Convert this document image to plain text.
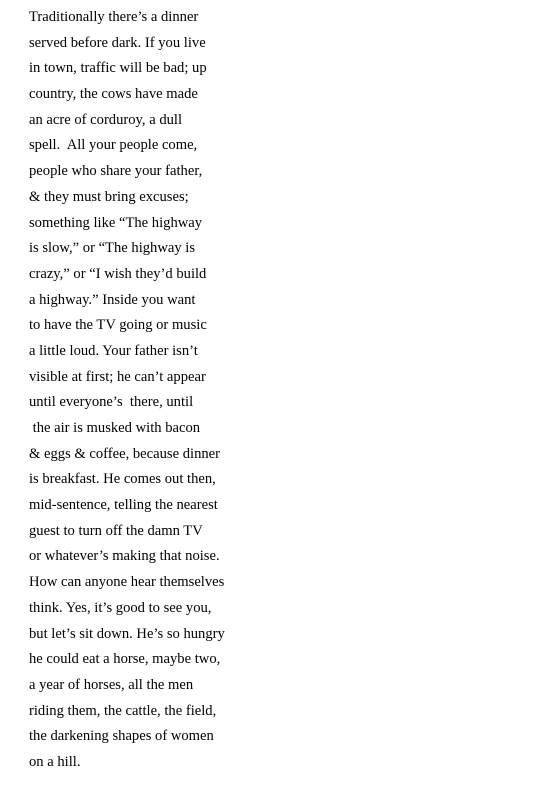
Traditionally there’s a dinner
served before dark. If you live
in town, traffic will be bad; up
country, the cows have made
an acre of corduroy, a dull
spell.  All your people come,
people who share your father,
& they must bring excuses;
something like “The highway
is slow,” or “The highway is
crazy,” or “I wish they’d build
a highway.” Inside you want
to have the TV going or music
a little loud. Your father isn’t
visible at first; he can’t appear
until everyone’s  there, until
the air is musked with bacon
& eggs & coffee, because dinner
is breakfast. He comes out then,
mid-sentence, telling the nearest
guest to turn off the damn TV
or whatever’s making that noise.
How can anyone hear themselves
think. Yes, it’s good to see you,
but let’s sit down. He’s so hungry
he could eat a horse, maybe two,
a year of horses, all the men
riding them, the cattle, the field,
the darkening shapes of women
on a hill.
